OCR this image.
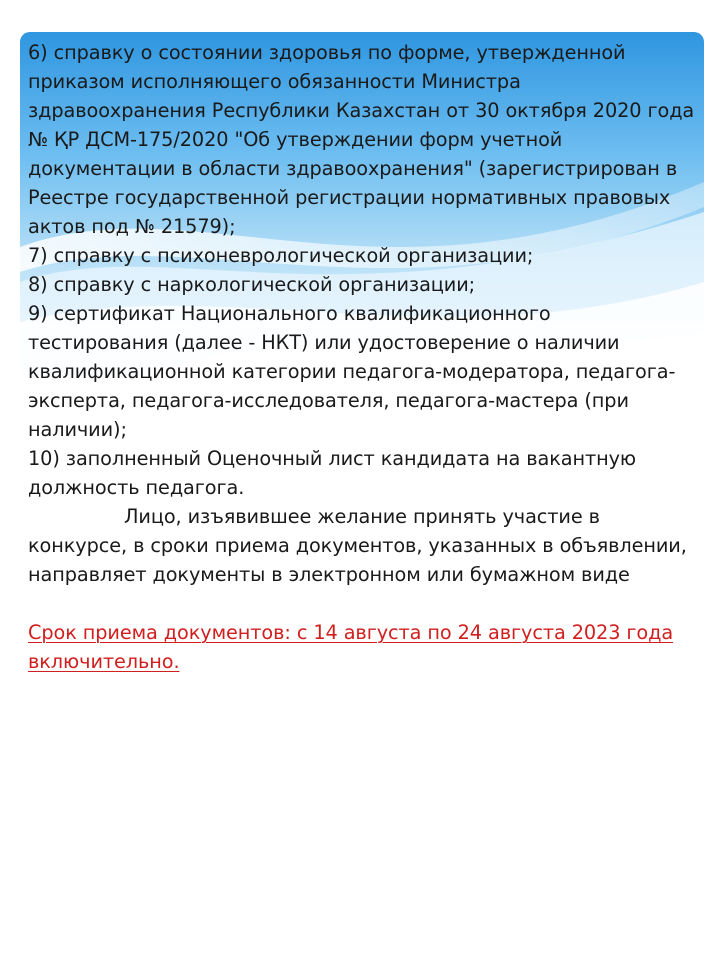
6) справку о состоянии здоровья по форме, утвержденной приказом исполняющего обязанности Министра здравоохранения Республики Казахстан от 30 октября 2020 года № ҚР ДСМ-175/2020 "Об утверждении форм учетной документации в области здравоохранения" (зарегистрирован в Реестре государственной регистрации нормативных правовых актов под № 21579);

7) справку с психоневрологической организации;

8) справку с наркологической организации;

9) сертификат Национального квалификационного тестирования (далее - НКТ) или удостоверение о наличии квалификационной категории педагога-модератора, педагога-эксперта, педагога-исследователя, педагога-мастера (при наличии);

10) заполненный Оценочный лист кандидата на вакантную должность педагога.

Лицо, изъявившее желание принять участие в конкурсе, в сроки приема документов, указанных в объявлении, направляет документы в электронном или бумажном виде

Срок приема документов: с 14 августа по 24 августа 2023 года включительно.
